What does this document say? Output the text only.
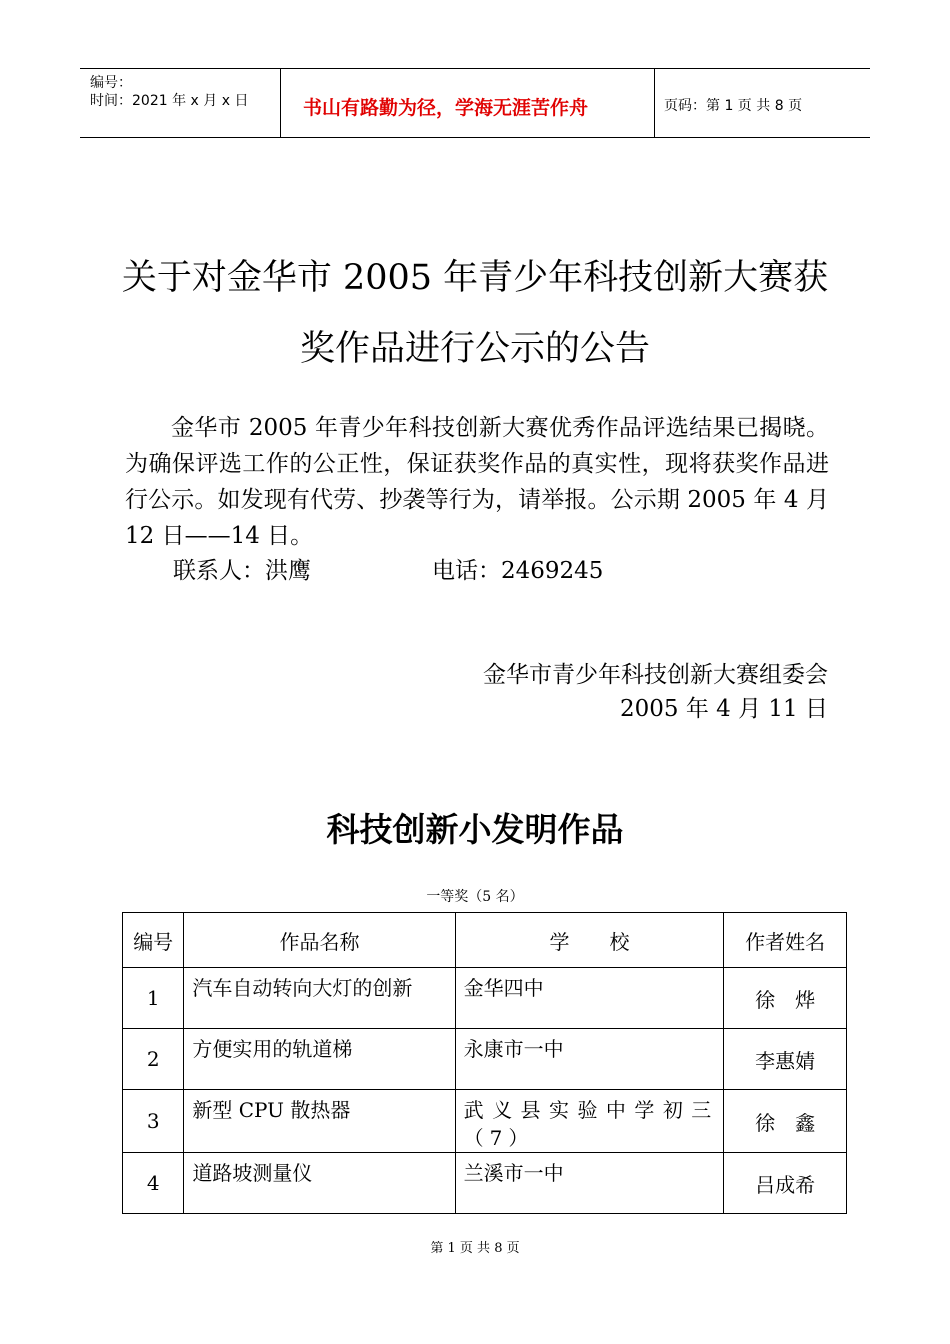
编号：
时间：2021 年 x 月 x 日	书山有路勤为径，学海无涯苦作舟	页码：第 1 页 共 8 页
关于对金华市 2005 年青少年科技创新大赛获
奖作品进行公示的公告
金华市 2005 年青少年科技创新大赛优秀作品评选结果已揭晓。为确保评选工作的公正性，保证获奖作品的真实性，现将获奖作品进行公示。如发现有代劳、抄袭等行为，请举报。公示期 2005 年 4 月 12 日——14 日。
联系人：洪鹰	电话：2469245
金华市青少年科技创新大赛组委会
2005 年 4 月 11 日
科技创新小发明作品
一等奖（5 名）
编号	作品名称	学　　校	作者姓名
1	汽车自动转向大灯的创新	金华四中	徐　烨
2	方便实用的轨道梯	永康市一中	李惠婧
3	新型 CPU 散热器	武义县实验中学初三（7）	徐　鑫
4	道路坡测量仪	兰溪市一中	吕成希
第 1 页 共 8 页
